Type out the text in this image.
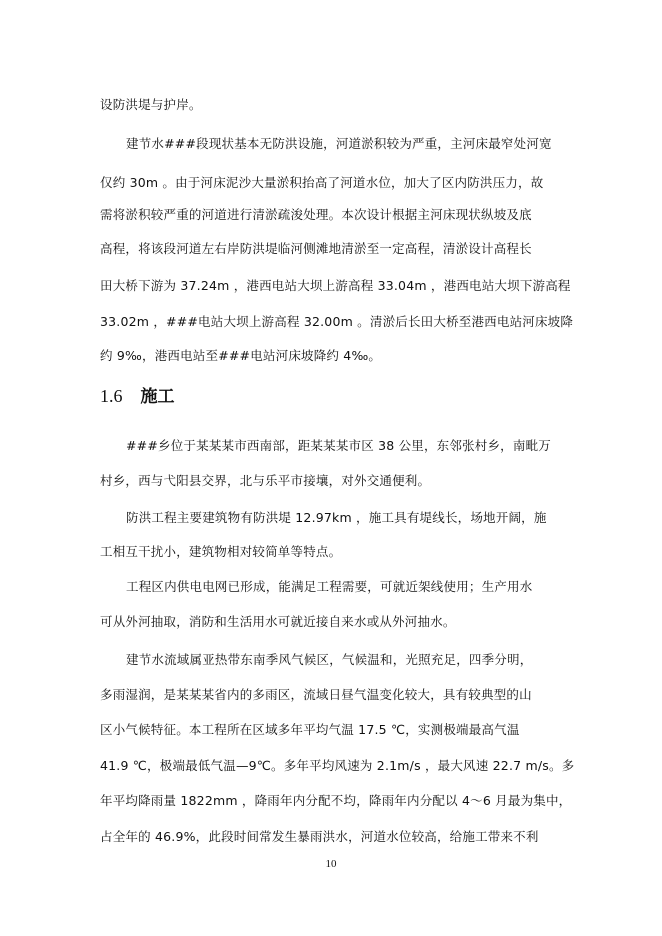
设防洪堤与护岸。
建节水###段现状基本无防洪设施，河道淤积较为严重，主河床最窄处河宽
仅约 30m 。由于河床泥沙大量淤积抬高了河道水位，加大了区内防洪压力，故
需将淤积较严重的河道进行清淤疏浚处理。本次设计根据主河床现状纵坡及底
高程，将该段河道左右岸防洪堤临河侧滩地清淤至一定高程，清淤设计高程长
田大桥下游为 37.24m ，港西电站大坝上游高程 33.04m ，港西电站大坝下游高程
33.02m ，###电站大坝上游高程 32.00m 。清淤后长田大桥至港西电站河床坡降
约 9‰，港西电站至###电站河床坡降约 4‰。
1.6 施工
###乡位于某某某市西南部，距某某某市区 38 公里，东邻张村乡，南毗万
村乡，西与弋阳县交界，北与乐平市接壤，对外交通便利。
防洪工程主要建筑物有防洪堤 12.97km ，施工具有堤线长，场地开阔，施
工相互干扰小，建筑物相对较简单等特点。
工程区内供电电网已形成，能满足工程需要，可就近架线使用；生产用水
可从外河抽取，消防和生活用水可就近接自来水或从外河抽水。
建节水流域属亚热带东南季风气候区，气候温和，光照充足，四季分明，
多雨湿润，是某某某省内的多雨区，流域日昼气温变化较大，具有较典型的山
区小气候特征。本工程所在区域多年平均气温 17.5 ℃，实测极端最高气温
41.9 ℃，极端最低气温—9℃。多年平均风速为 2.1m/s ，最大风速 22.7 m/s。多
年平均降雨量 1822mm ，降雨年内分配不均，降雨年内分配以 4～6 月最为集中，
占全年的 46.9%，此段时间常发生暴雨洪水，河道水位较高，给施工带来不利
10
